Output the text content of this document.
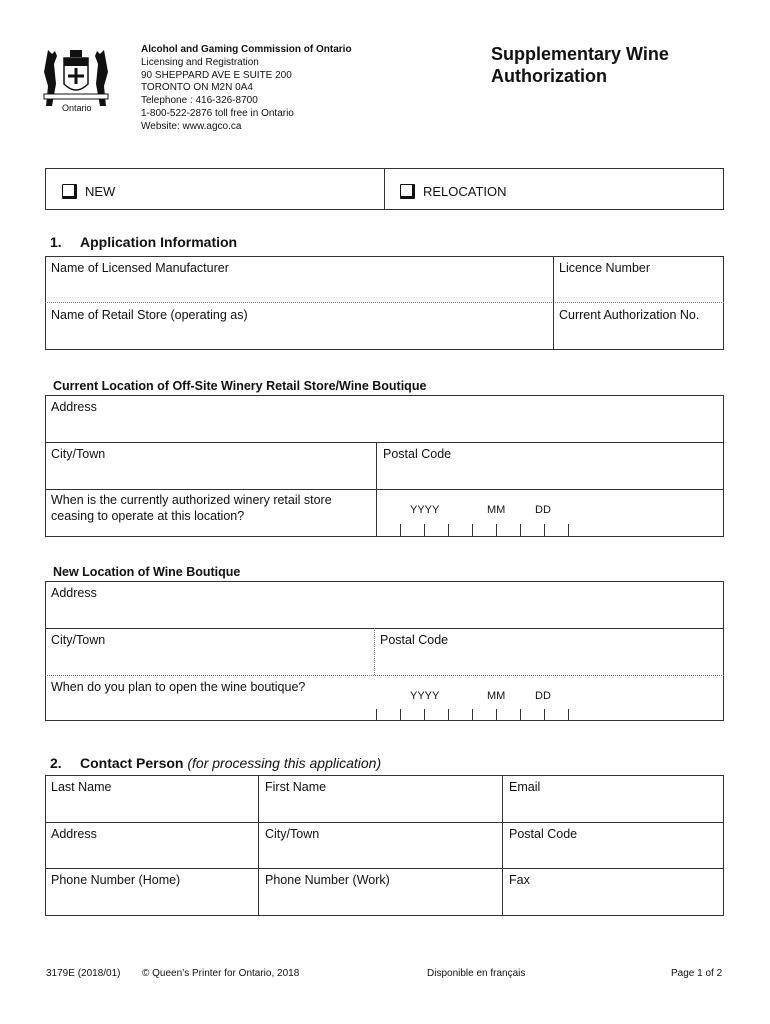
Ontario
Alcohol and Gaming Commission of Ontario
Licensing and Registration
90 SHEPPARD AVE E SUITE 200
TORONTO ON M2N 0A4
Telephone : 416-326-8700
1-800-522-2876 toll free in Ontario
Website: www.agco.ca
Supplementary Wine
Authorization
NEW	RELOCATION
1. Application Information
Name of Licensed Manufacturer	Licence Number
Name of Retail Store (operating as)	Current Authorization No.
Current Location of Off-Site Winery Retail Store/Wine Boutique
Address
City/Town	Postal Code
When is the currently authorized winery retail store
ceasing to operate at this location?	YYYY	MM	DD
New Location of Wine Boutique
Address
City/Town	Postal Code
When do you plan to open the wine boutique?
YYYY	MM	DD
2. Contact Person (for processing this application)
Last Name	First Name	Email
Address	City/Town	Postal Code
Phone Number (Home)	Phone Number (Work)	Fax
3179E (2018/01) © Queen’s Printer for Ontario, 2018	Disponible en français	Page 1 of 2
